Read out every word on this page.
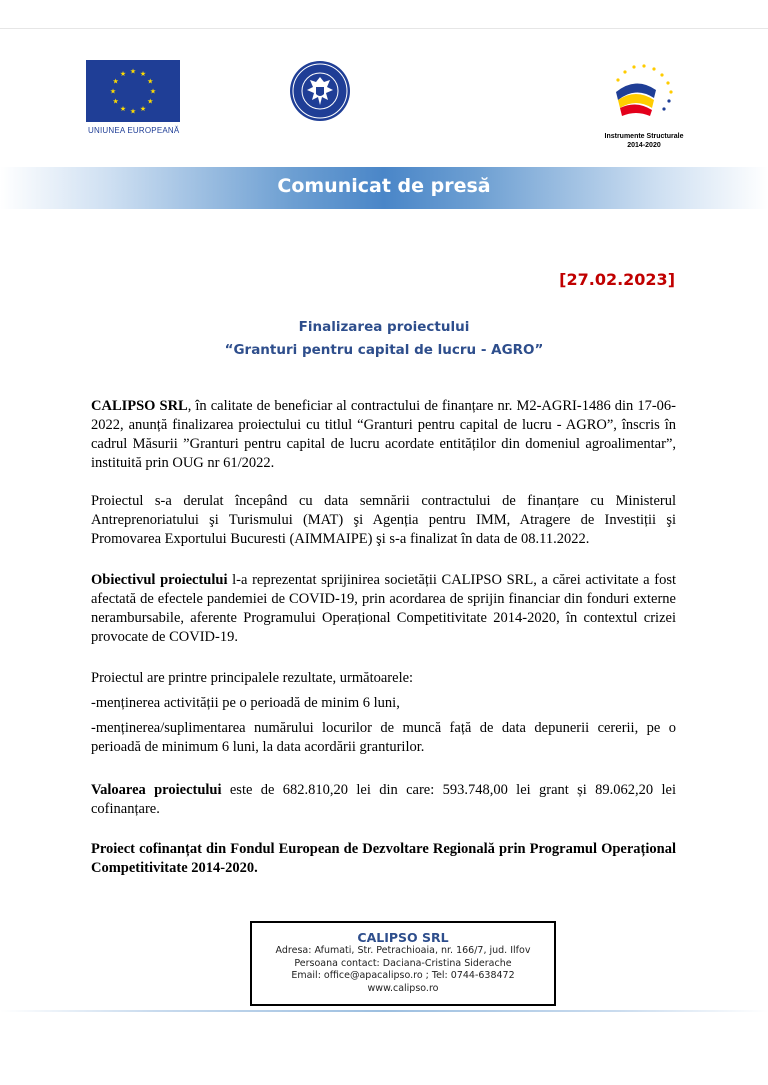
★ ★
★
★
★
★
★
★
★
★
★
★
UNIUNEA EUROPEANĂ
Instrumente Structurale
2014-2020
Comunicat de presă
[27.02.2023]
Finalizarea proiectului
“Granturi pentru capital de lucru - AGRO”

CALIPSO SRL, în calitate de beneficiar al contractului de finanțare nr. M2-AGRI-1486 din 17-06-2022, anunță finalizarea proiectului cu titlul “Granturi pentru capital de lucru - AGRO”, înscris în cadrul Măsurii ”Granturi pentru capital de lucru acordate entităților din domeniul agroalimentar”, instituită prin OUG nr 61/2022.

Proiectul s-a derulat începând cu data semnării contractului de finanțare cu Ministerul Antreprenoriatului şi Turismului (MAT) şi Agenția pentru IMM, Atragere de Investiții şi Promovarea Exportului Bucuresti (AIMMAIPE) şi s-a finalizat în data de 08.11.2022.

Obiectivul proiectului l-a reprezentat sprijinirea societății CALIPSO SRL, a cărei activitate a fost afectată de efectele pandemiei de COVID-19, prin acordarea de sprijin financiar din fonduri externe nerambursabile, aferente Programului Operațional Competitivitate 2014-2020, în contextul crizei provocate de COVID-19.

Proiectul are printre principalele rezultate, următoarele:

-menținerea activității pe o perioadă de minim 6 luni,

-menținerea/suplimentarea numărului locurilor de muncă față de data depunerii cererii, pe o perioadă de minimum 6 luni, la data acordării granturilor.

Valoarea proiectului este de 682.810,20 lei din care: 593.748,00 lei grant și 89.062,20 lei cofinanțare.

Proiect cofinanțat din Fondul European de Dezvoltare Regională prin Programul Operațional Competitivitate 2014-2020.

CALIPSO SRL
Adresa: Afumati, Str. Petrachioaia, nr. 166/7, jud. Ilfov
Persoana contact: Daciana-Cristina Siderache
Email: office@apacalipso.ro ; Tel: 0744-638472
www.calipso.ro
